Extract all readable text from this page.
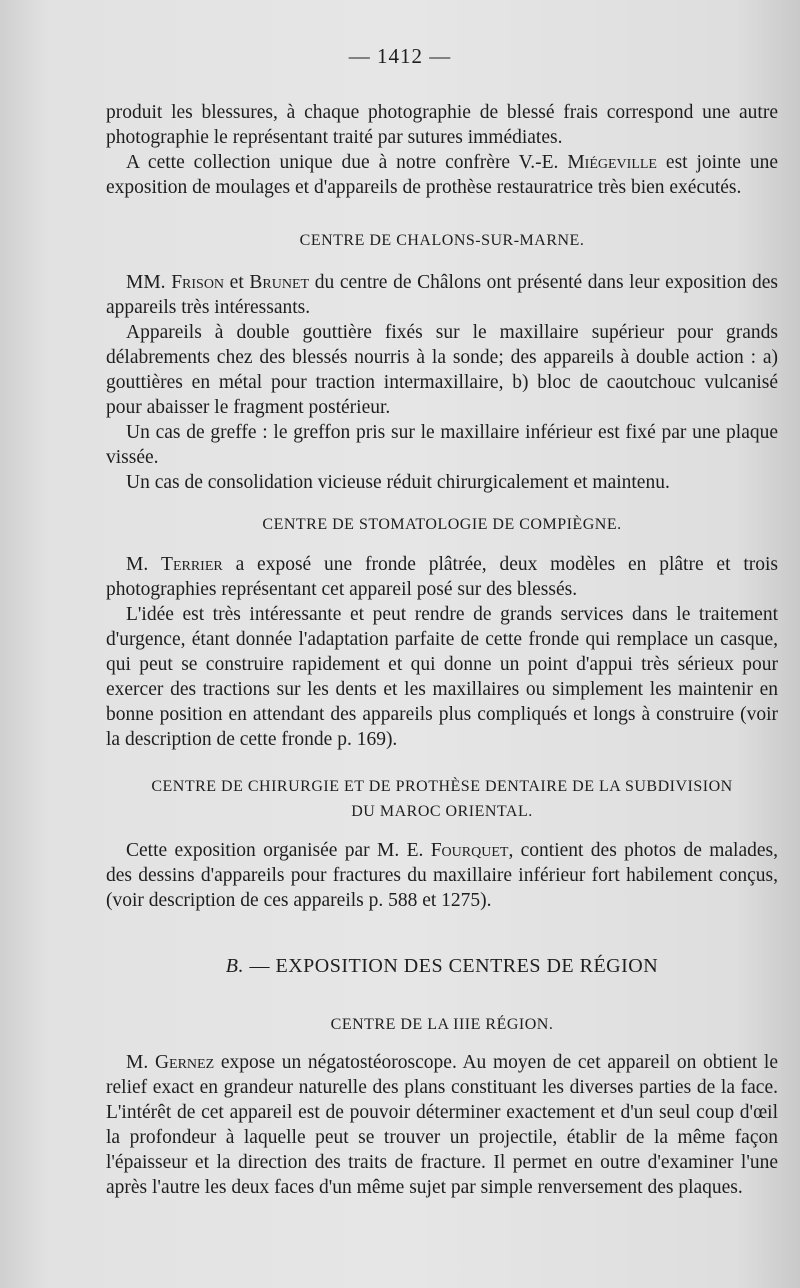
— 1412 —

produit les blessures, à chaque photographie de blessé frais correspond une autre photographie le représentant traité par sutures immédiates.

A cette collection unique due à notre confrère V.-E. Miégeville est jointe une exposition de moulages et d'appareils de prothèse restauratrice très bien exécutés.

CENTRE DE CHALONS-SUR-MARNE.

MM. Frison et Brunet du centre de Châlons ont présenté dans leur exposition des appareils très intéressants.

Appareils à double gouttière fixés sur le maxillaire supérieur pour grands délabrements chez des blessés nourris à la sonde; des appareils à double action : a) gouttières en métal pour traction intermaxillaire, b) bloc de caoutchouc vulcanisé pour abaisser le fragment postérieur.

Un cas de greffe : le greffon pris sur le maxillaire inférieur est fixé par une plaque vissée.

Un cas de consolidation vicieuse réduit chirurgicalement et maintenu.

CENTRE DE STOMATOLOGIE DE COMPIÈGNE.

M. Terrier a exposé une fronde plâtrée, deux modèles en plâtre et trois photographies représentant cet appareil posé sur des blessés.

L'idée est très intéressante et peut rendre de grands services dans le traitement d'urgence, étant donnée l'adaptation parfaite de cette fronde qui remplace un casque, qui peut se construire rapidement et qui donne un point d'appui très sérieux pour exercer des tractions sur les dents et les maxillaires ou simplement les maintenir en bonne position en attendant des appareils plus compliqués et longs à construire (voir la description de cette fronde p. 169).

CENTRE DE CHIRURGIE ET DE PROTHÈSE DENTAIRE DE LA SUBDIVISION
DU MAROC ORIENTAL.

Cette exposition organisée par M. E. Fourquet, contient des photos de malades, des dessins d'appareils pour fractures du maxillaire inférieur fort habilement conçus, (voir description de ces appareils p. 588 et 1275).

B. — EXPOSITION DES CENTRES DE RÉGION
CENTRE DE LA IIIE RÉGION.

M. Gernez expose un négatostéoroscope. Au moyen de cet appareil on obtient le relief exact en grandeur naturelle des plans constituant les diverses parties de la face. L'intérêt de cet appareil est de pouvoir déterminer exactement et d'un seul coup d'œil la profondeur à laquelle peut se trouver un projectile, établir de la même façon l'épaisseur et la direction des traits de fracture. Il permet en outre d'examiner l'une après l'autre les deux faces d'un même sujet par simple renversement des plaques.
